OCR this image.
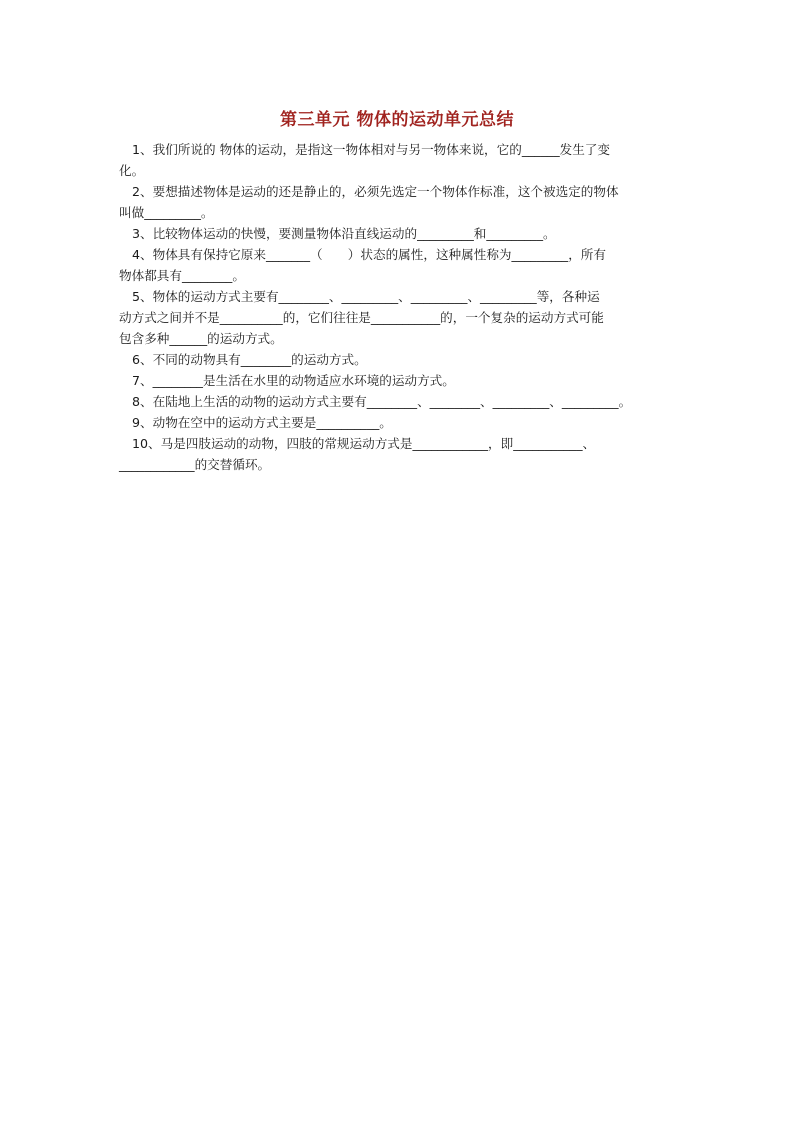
第三单元 物体的运动单元总结
1、我们所说的 物体的运动，是指这一物体相对与另一物体来说，它的______发生了变
化。
2、要想描述物体是运动的还是静止的，必须先选定一个物体作标准，这个被选定的物体
叫做_________。
3、比较物体运动的快慢，要测量物体沿直线运动的_________和_________。
4、物体具有保持它原来_______（　　）状态的属性，这种属性称为_________，所有
物体都具有________。
5、物体的运动方式主要有________、_________、_________、_________等，各种运
动方式之间并不是__________的，它们往往是___________的，一个复杂的运动方式可能
包含多种______的运动方式。
6、不同的动物具有________的运动方式。
7、________是生活在水里的动物适应水环境的运动方式。
8、在陆地上生活的动物的运动方式主要有________、________、_________、_________。
9、动物在空中的运动方式主要是__________。
10、马是四肢运动的动物，四肢的常规运动方式是____________，即___________、
____________的交替循环。
